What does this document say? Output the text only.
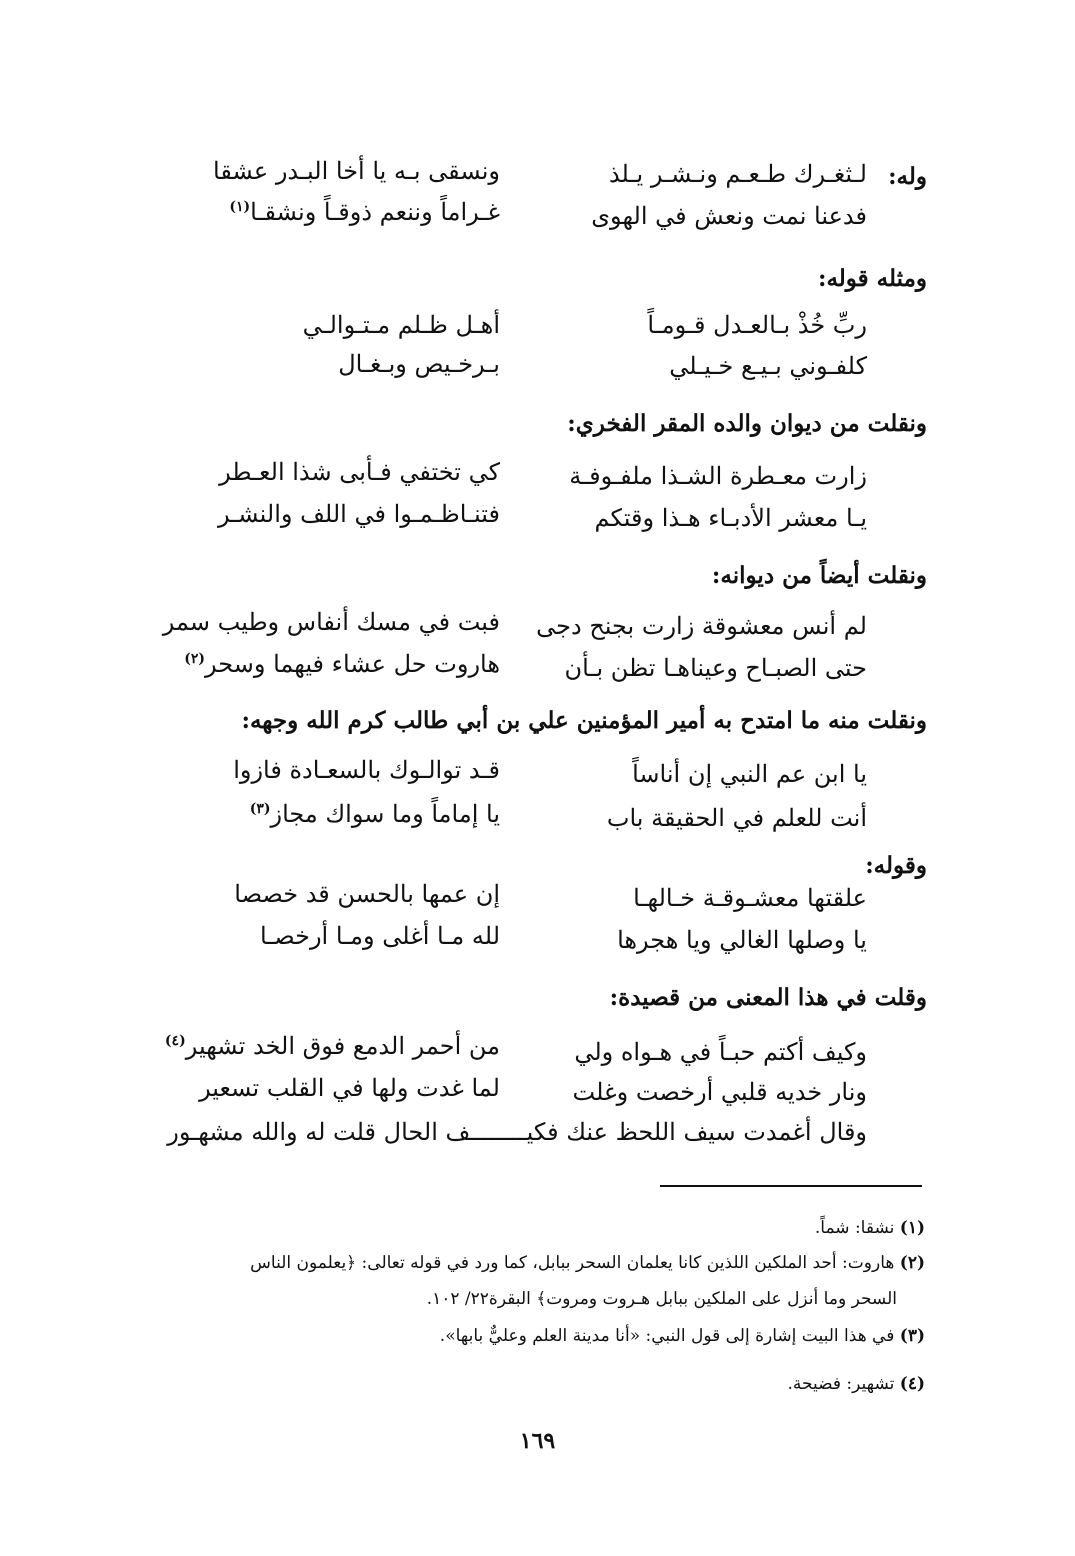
وله:
لـثغـرك طـعـم ونـشـر يـلذ
ونسقى بـه يا أخا البـدر عشقا
فدعنا نمت ونعش في الهوى
غـراماً وننعم ذوقـاً ونشقـا$^{(١)}$
ومثله قوله:
ربِّ خُذْ بـالعـدل قـومـاً
أهـل ظـلم مـتـوالـي
كلفـوني بـيـع خـيـلي
بـرخـيص وبـغـال
ونقلت من ديوان والده المقر الفخري:
زارت معـطرة الشـذا ملفـوفـة
كي تختفي فـأبى شذا العـطر
يـا معشر الأدبـاء هـذا وقتكم
فتنـاظـمـوا في اللف والنشـر
ونقلت أيضاً من ديوانه:
لم أنس معشوقة زارت بجنح دجى
فبت في مسك أنفاس وطيب سمر
حتى الصبـاح وعيناهـا تظن بـأن
هاروت حل عشاء فيهما وسحر$^{(٢)}$
ونقلت منه ما امتدح به أمير المؤمنين علي بن أبي طالب كرم الله وجهه:
يا ابن عم النبي إن أناساً
قـد توالـوك بالسعـادة فازوا
أنت للعلم في الحقيقة باب
يا إماماً وما سواك مجاز$^{(٣)}$
وقوله:
علقتها معشـوقـة خـالهـا
إن عمها بالحسن قد خصصا
يا وصلها الغالي ويا هجرها
لله مـا أغلى ومـا أرخصـا
وقلت في هذا المعنى من قصيدة:
وكيف أكتم حبـاً في هـواه ولي
من أحمر الدمع فوق الخد تشهير$^{(٤)}$
ونار خديه قلبي أرخصت وغلت
لما غدت ولها في القلب تسعير
وقال أغمدت سيف اللحظ عنك فكيــــــــف الحال قلت له والله مشهـور
(١) نشقا: شماً.
(٢) هاروت: أحد الملكين اللذين كانا يعلمان السحر ببابل، كما ورد في قوله تعالى: ﴿يعلمون الناس
السحر وما أنزل على الملكين ببابل هـروت ومروت﴾ البقرة٢٢/ ١٠٢.
(٣) في هذا البيت إشارة إلى قول النبي: «أنا مدينة العلم وعليٌّ بابها».
(٤) تشهير: فضيحة.
١٦٩
